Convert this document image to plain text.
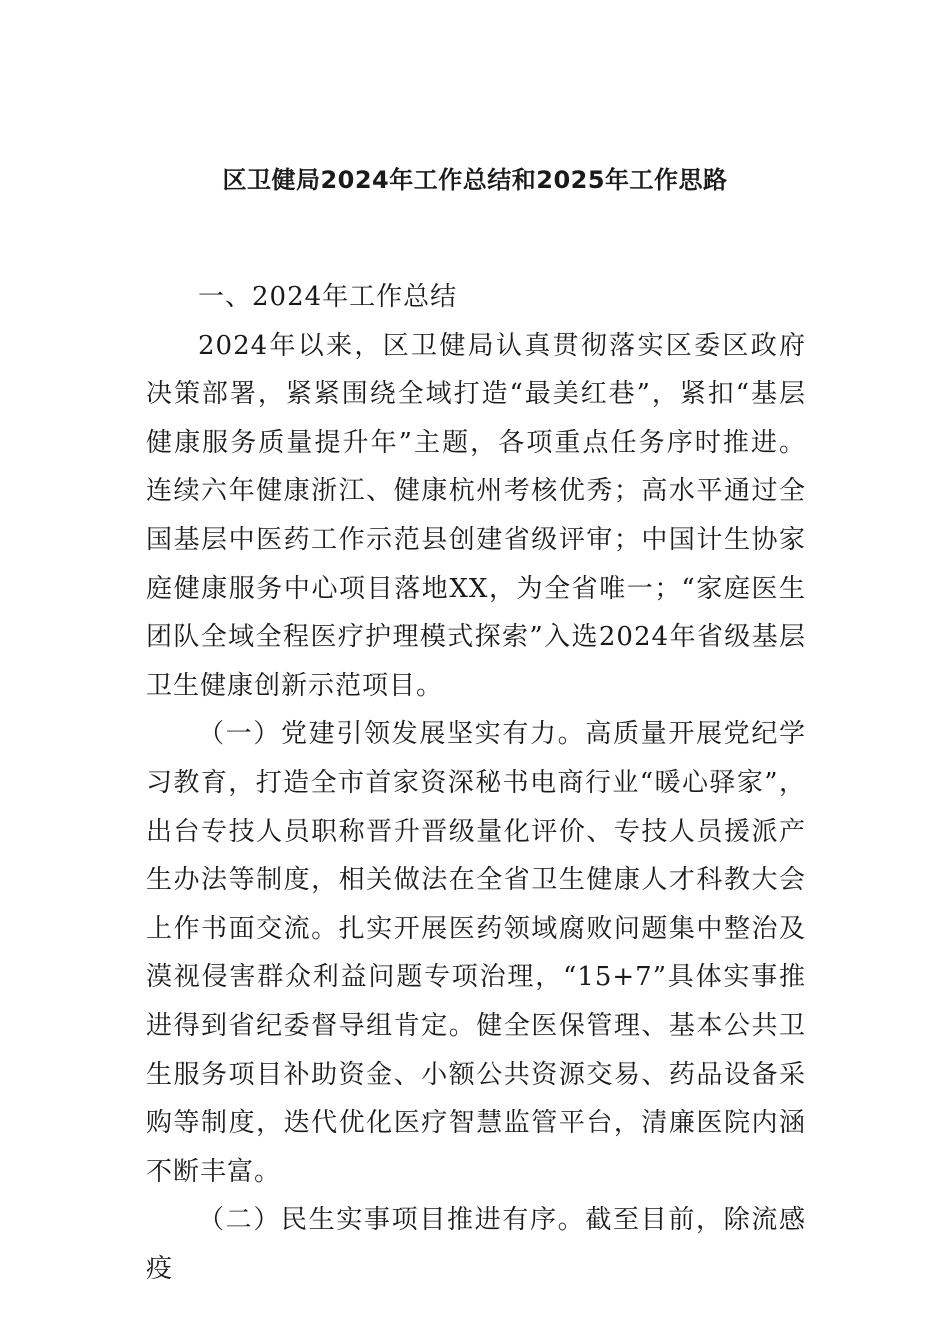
区卫健局2024年工作总结和2025年工作思路

一、2024年工作总结

2024年以来，区卫健局认真贯彻落实区委区政府决策部署，紧紧围绕全域打造“最美红巷”，紧扣“基层健康服务质量提升年”主题，各项重点任务序时推进。连续六年健康浙江、健康杭州考核优秀；高水平通过全国基层中医药工作示范县创建省级评审；中国计生协家庭健康服务中心项目落地XX，为全省唯一；“家庭医生团队全域全程医疗护理模式探索”入选2024年省级基层卫生健康创新示范项目。

（一）党建引领发展坚实有力。高质量开展党纪学习教育，打造全市首家资深秘书电商行业“暖心驿家”，出台专技人员职称晋升晋级量化评价、专技人员援派产生办法等制度，相关做法在全省卫生健康人才科教大会上作书面交流。扎实开展医药领域腐败问题集中整治及漠视侵害群众利益问题专项治理，“15+7”具体实事推进得到省纪委督导组肯定。健全医保管理、基本公共卫生服务项目补助资金、小额公共资源交易、药品设备采购等制度，迭代优化医疗智慧监管平台，清廉医院内涵不断丰富。

（二）民生实事项目推进有序。截至目前，除流感疫
